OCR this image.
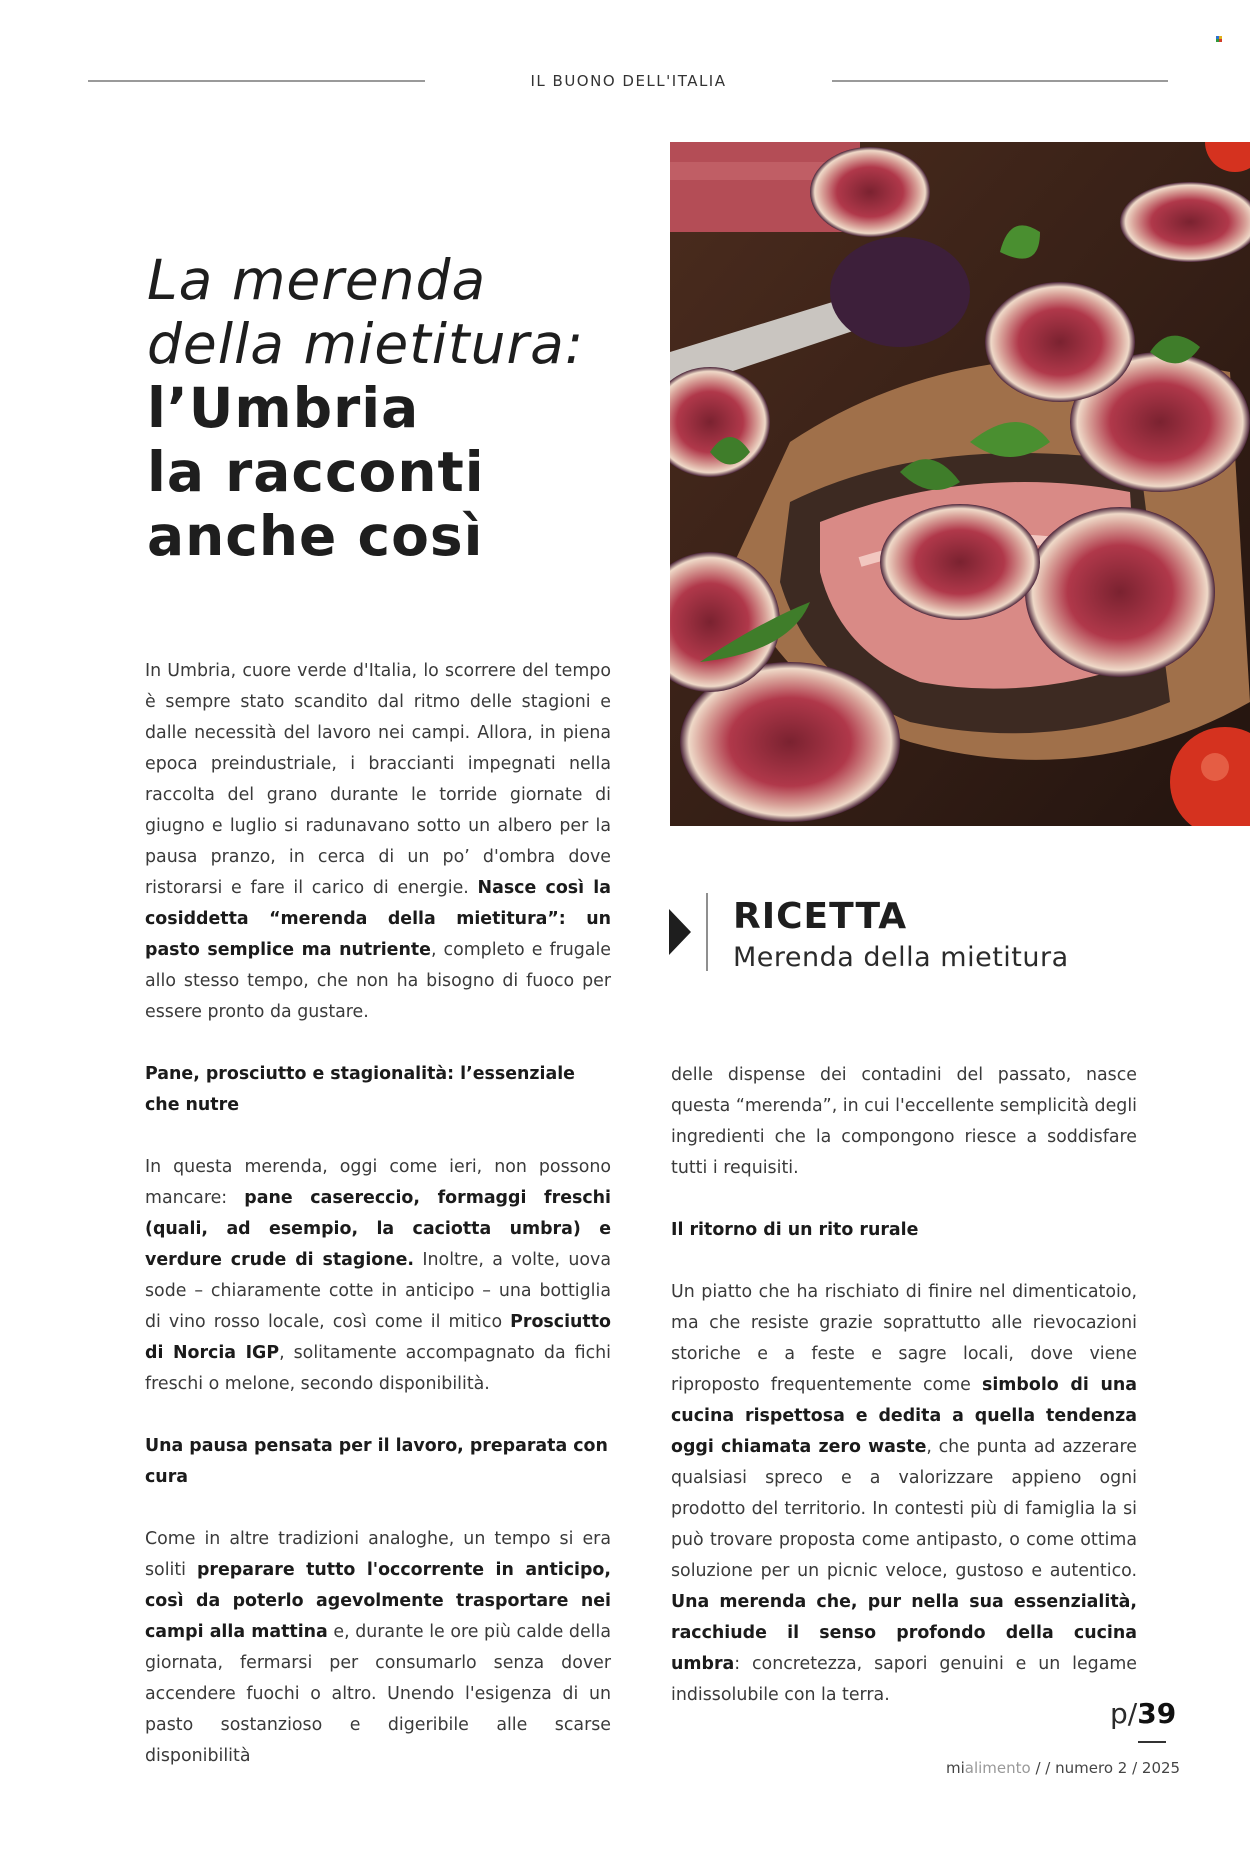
IL BUONO DELL'ITALIA
La merenda
della mietitura:
l’Umbria
la racconti
anche così
RICETTA
Merenda della mietitura

In Umbria, cuore verde d'Italia, lo scorrere del tempo è sempre stato scandito dal ritmo delle stagioni e dalle necessità del lavoro nei campi. Allora, in piena epoca preindustriale, i braccianti impegnati nella raccolta del grano durante le torride giornate di giugno e luglio si radunavano sotto un albero per la pausa pranzo, in cerca di un po’ d'ombra dove ristorarsi e fare il carico di energie. Nasce così la cosiddetta “merenda della mietitura”: un pasto semplice ma nutriente, completo e frugale allo stesso tempo, che non ha bisogno di fuoco per essere pronto da gustare.

Pane, prosciutto e stagionalità: l’essenziale che nutre

In questa merenda, oggi come ieri, non possono mancare: pane casereccio, formaggi freschi (quali, ad esempio, la caciotta umbra) e verdure crude di stagione. Inoltre, a volte, uova sode – chiaramente cotte in anticipo – una bottiglia di vino rosso locale, così come il mitico Prosciutto di Norcia IGP, solitamente accompagnato da fichi freschi o melone, secondo disponibilità.

Una pausa pensata per il lavoro, preparata con cura

Come in altre tradizioni analoghe, un tempo si era soliti preparare tutto l'occorrente in anticipo, così da poterlo agevolmente trasportare nei campi alla mattina e, durante le ore più calde della giornata, fermarsi per consumarlo senza dover accendere fuochi o altro. Unendo l'esigenza di un pasto sostanzioso e digeribile alle scarse disponibilità

delle dispense dei contadini del passato, nasce questa “merenda”, in cui l'eccellente semplicità degli ingredienti che la compongono riesce a soddisfare tutti i requisiti.

Il ritorno di un rito rurale

Un piatto che ha rischiato di finire nel dimenticatoio, ma che resiste grazie soprattutto alle rievocazioni storiche e a feste e sagre locali, dove viene riproposto frequentemente come simbolo di una cucina rispettosa e dedita a quella tendenza oggi chiamata zero waste, che punta ad azzerare qualsiasi spreco e a valorizzare appieno ogni prodotto del territorio. In contesti più di famiglia la si può trovare proposta come antipasto, o come ottima soluzione per un picnic veloce, gustoso e autentico. Una merenda che, pur nella sua essenzialità, racchiude il senso profondo della cucina umbra: concretezza, sapori genuini e un legame indissolubile con la terra.

p/39
mialimento / / numero 2 / 2025
